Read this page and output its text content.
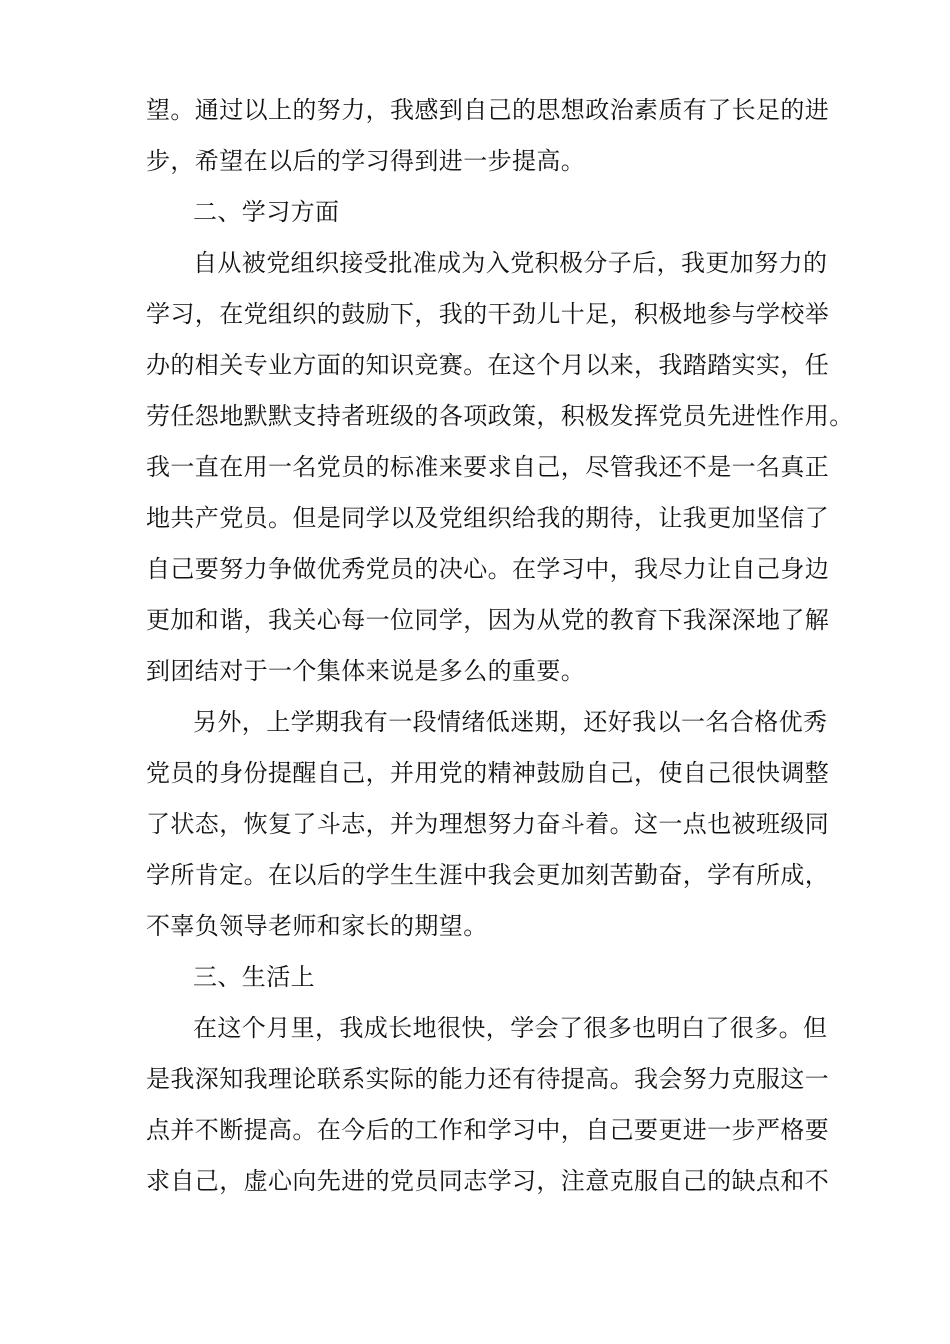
望。通过以上的努力，我感到自己的思想政治素质有了长足的进
步，希望在以后的学习得到进一步提高。
二、学习方面
自从被党组织接受批准成为入党积极分子后，我更加努力的
学习，在党组织的鼓励下，我的干劲儿十足，积极地参与学校举
办的相关专业方面的知识竞赛。在这个月以来，我踏踏实实，任
劳任怨地默默支持者班级的各项政策，积极发挥党员先进性作用。
我一直在用一名党员的标准来要求自己，尽管我还不是一名真正
地共产党员。但是同学以及党组织给我的期待，让我更加坚信了
自己要努力争做优秀党员的决心。在学习中，我尽力让自己身边
更加和谐，我关心每一位同学，因为从党的教育下我深深地了解
到团结对于一个集体来说是多么的重要。
另外，上学期我有一段情绪低迷期，还好我以一名合格优秀
党员的身份提醒自己，并用党的精神鼓励自己，使自己很快调整
了状态，恢复了斗志，并为理想努力奋斗着。这一点也被班级同
学所肯定。在以后的学生生涯中我会更加刻苦勤奋，学有所成，
不辜负领导老师和家长的期望。
三、生活上
在这个月里，我成长地很快，学会了很多也明白了很多。但
是我深知我理论联系实际的能力还有待提高。我会努力克服这一
点并不断提高。在今后的工作和学习中，自己要更进一步严格要
求自己，虚心向先进的党员同志学习，注意克服自己的缺点和不
